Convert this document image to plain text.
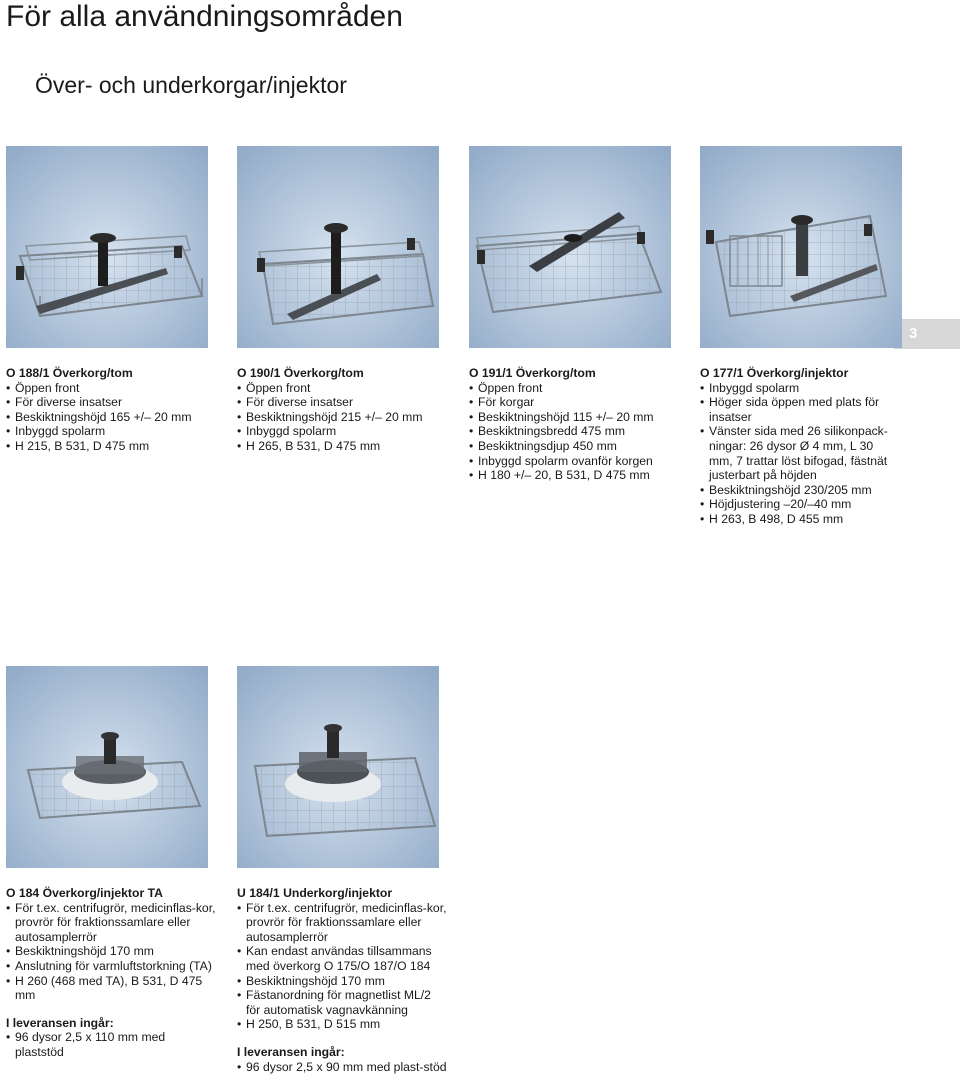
För alla användningsområden
Över- och underkorgar/injektor
3
O 188/1 Överkorg/tom
• Öppen front
• För diverse insatser
• Beskiktningshöjd 165 +/– 20 mm
• Inbyggd spolarm
• H 215, B 531, D 475 mm
O 190/1 Överkorg/tom
• Öppen front
• För diverse insatser
• Beskiktningshöjd 215 +/– 20 mm
• Inbyggd spolarm
• H 265, B 531, D 475 mm
O 191/1 Överkorg/tom
• Öppen front
• För korgar
• Beskiktningshöjd 115 +/– 20 mm
• Beskiktningsbredd 475 mm
• Beskiktningsdjup 450 mm
• Inbyggd spolarm ovanför korgen
• H 180 +/– 20, B 531, D 475 mm
O 177/1 Överkorg/injektor
• Inbyggd spolarm
• Höger sida öppen med plats för insatser
• Vänster sida med 26 silikonpack-ningar: 26 dysor Ø 4 mm, L 30 mm, 7 trattar löst bifogad, fästnät justerbart på höjden
• Beskiktningshöjd 230/205 mm
• Höjdjustering –20/–40 mm
• H 263, B 498, D 455 mm
O 184 Överkorg/injektor TA
• För t.ex. centrifugrör, medicinflas-kor, provrör för fraktionssamlare eller autosamplerrör
• Beskiktningshöjd 170 mm
• Anslutning för varmluftstorkning (TA)
• H 260 (468 med TA), B 531, D 475 mm
I leveransen ingår:
• 96 dysor 2,5 x 110 mm med plaststöd
U 184/1 Underkorg/injektor
• För t.ex. centrifugrör, medicinflas-kor, provrör för fraktionssamlare eller autosamplerrör
• Kan endast användas tillsammans med överkorg O 175/O 187/O 184
• Beskiktningshöjd 170 mm
• Fästanordning för magnetlist ML/2 för automatisk vagnavkänning
• H 250, B 531, D 515 mm
I leveransen ingår:
• 96 dysor 2,5 x 90 mm med plast-stöd
